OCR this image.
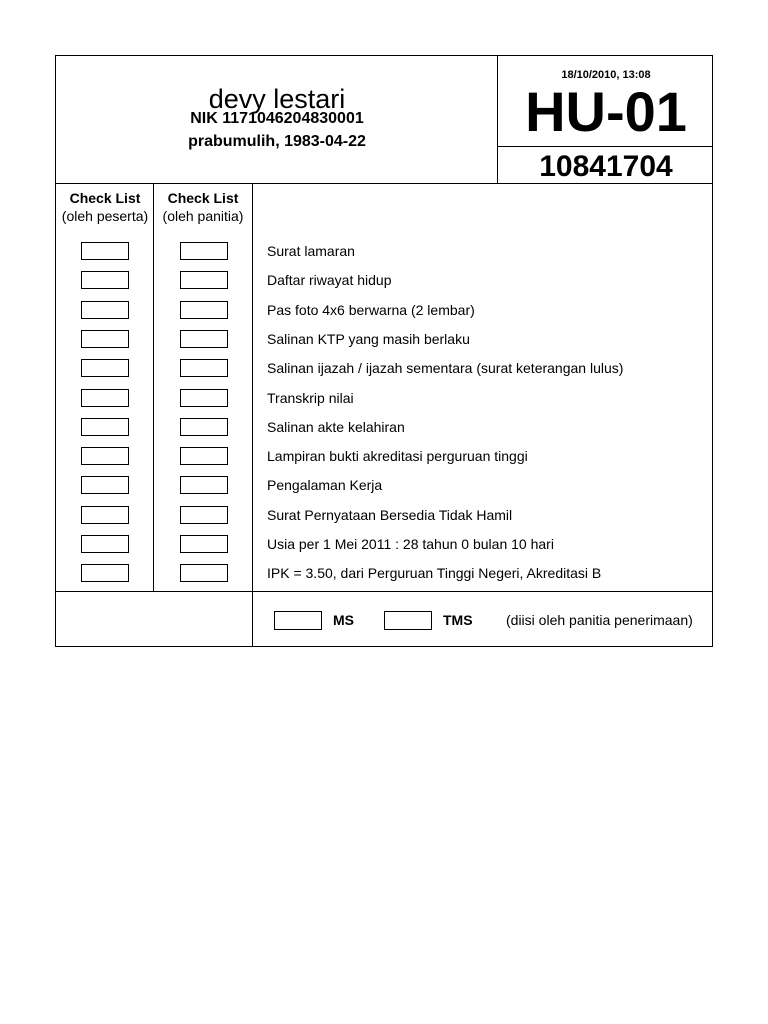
devy lestari
NIK 1171046204830001
prabumulih, 1983-04-22
18/10/2010, 13:08
HU-01
10841704
Check List
(oleh peserta)
Check List
(oleh panitia)
Surat lamaran
Daftar riwayat hidup
Pas foto 4x6 berwarna (2 lembar)
Salinan KTP yang masih berlaku
Salinan ijazah / ijazah sementara (surat keterangan lulus)
Transkrip nilai
Salinan akte kelahiran
Lampiran bukti akreditasi perguruan tinggi
Pengalaman Kerja
Surat Pernyataan Bersedia Tidak Hamil
Usia per 1 Mei 2011 : 28 tahun 0 bulan 10 hari
IPK = 3.50, dari Perguruan Tinggi Negeri, Akreditasi B
MS	TMS (diisi oleh panitia penerimaan)
